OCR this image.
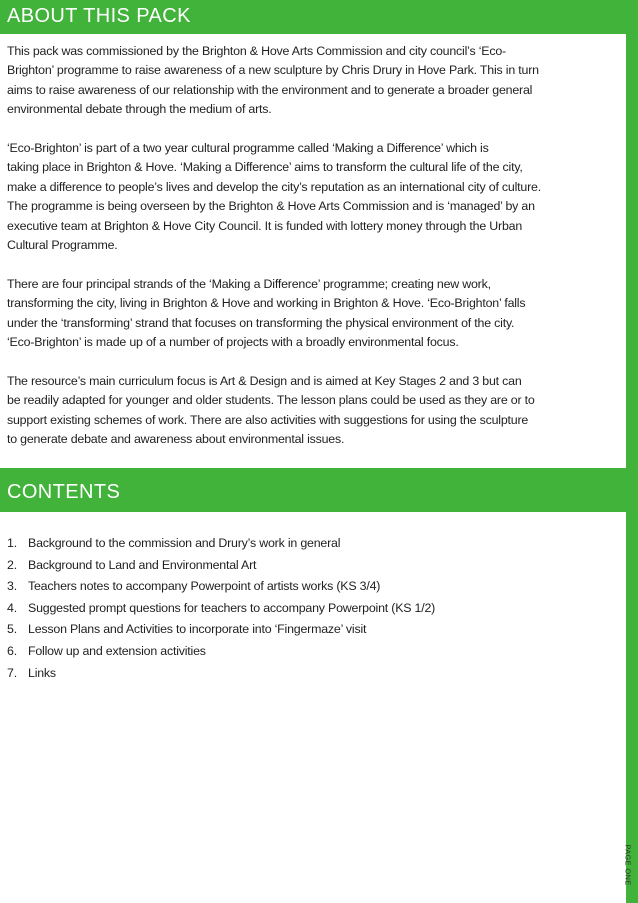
ABOUT THIS PACK

This pack was commissioned by the Brighton & Hove Arts Commission and city council’s ‘Eco-
Brighton’ programme to raise awareness of a new sculpture by Chris Drury in Hove Park. This in turn
aims to raise awareness of our relationship with the environment and to generate a broader general
environmental debate through the medium of arts.

‘Eco-Brighton’ is part of a two year cultural programme called ‘Making a Difference’ which is
taking place in Brighton & Hove. ‘Making a Difference’ aims to transform the cultural life of the city,
make a difference to people’s lives and develop the city’s reputation as an international city of culture.
The programme is being overseen by the Brighton & Hove Arts Commission and is ‘managed’ by an
executive team at Brighton & Hove City Council. It is funded with lottery money through the Urban
Cultural Programme.

There are four principal strands of the ‘Making a Difference’ programme; creating new work,
transforming the city, living in Brighton & Hove and working in Brighton & Hove. ‘Eco-Brighton’ falls
under the ‘transforming’ strand that focuses on transforming the physical environment of the city.
‘Eco-Brighton’ is made up of a number of projects with a broadly environmental focus.

The resource’s main curriculum focus is Art & Design and is aimed at Key Stages 2 and 3 but can
be readily adapted for younger and older students. The lesson plans could be used as they are or to
support existing schemes of work. There are also activities with suggestions for using the sculpture
to generate debate and awareness about environmental issues.

CONTENTS
1. Background to the commission and Drury’s work in general
2. Background to Land and Environmental Art
3. Teachers notes to accompany Powerpoint of artists works (KS 3/4)
4. Suggested prompt questions for teachers to accompany Powerpoint (KS 1/2)
5. Lesson Plans and Activities to incorporate into ‘Fingermaze’ visit
6. Follow up and extension activities
7. Links
PAGE ONE
